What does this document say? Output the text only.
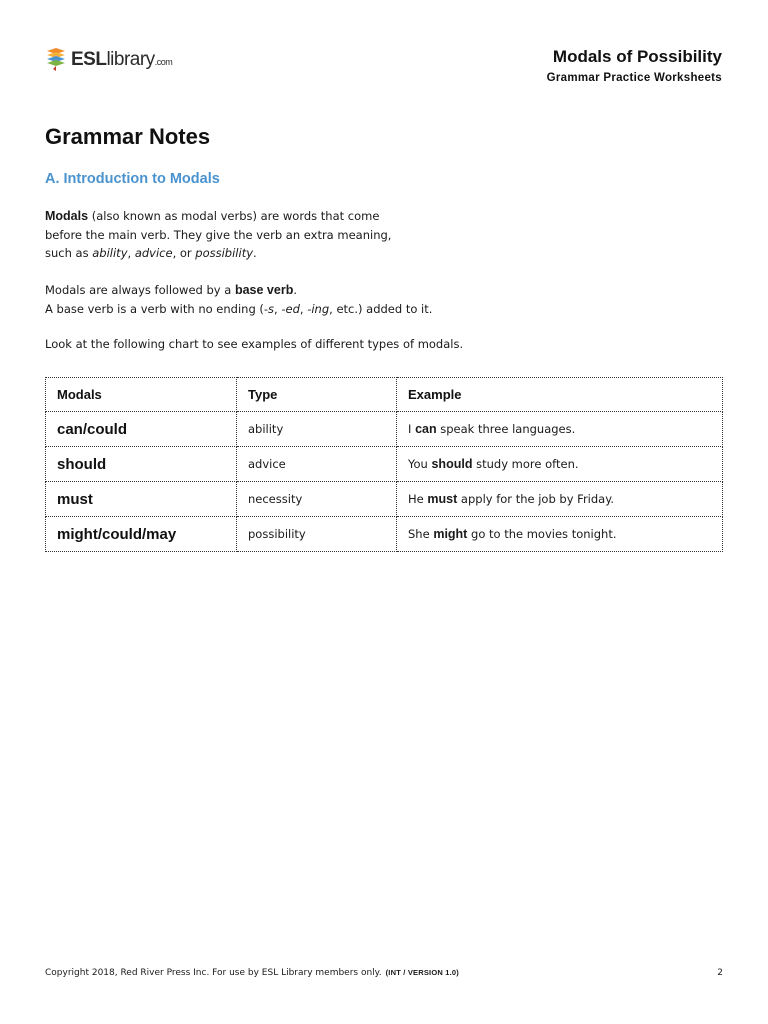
ESLlibrary.com	Modals of Possibility
Grammar Practice Worksheets
Grammar Notes
A. Introduction to Modals

Modals (also known as modal verbs) are words that come
before the main verb. They give the verb an extra meaning,
such as ability, advice, or possibility.

Modals are always followed by a base verb.
A base verb is a verb with no ending (-s, -ed, -ing, etc.) added to it.

Look at the following chart to see examples of different types of modals.

Modals	Type	Example
can/could	ability	I can speak three languages.
should	advice	You should study more often.
must	necessity	He must apply for the job by Friday.
might/could/may	possibility	She might go to the movies tonight.
Copyright 2018, Red River Press Inc. For use by ESL Library members only. (INT / VERSION 1.0)	2
